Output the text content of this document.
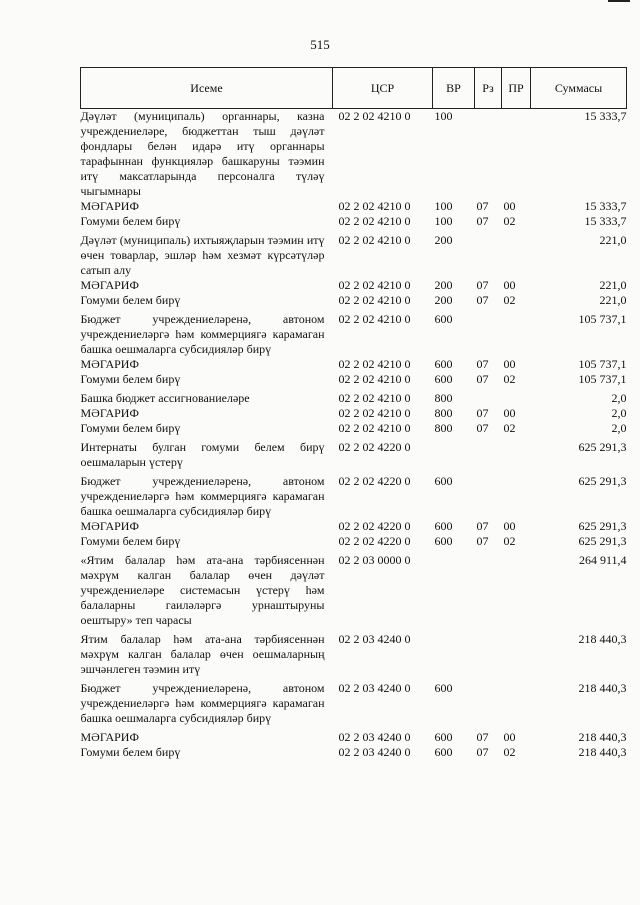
515
Исеме	ЦСР	ВР	Рз	ПР	Суммасы
Дәүләт (муниципаль) органнары, казна учреждениеләре, бюджеттан тыш дәүләт фондлары белән идарә итү органнары тарафыннан функцияләр башкаруны тәэмин итү максатларында персоналга түләү чыгымнары	02 2 02 4210 0	100			15 333,7
МӘГАРИФ	02 2 02 4210 0	100	07	00	15 333,7
Гомуми белем бирү	02 2 02 4210 0	100	07	02	15 333,7
Дәүләт (муниципаль) ихтыяҗларын тәэмин итү өчен товарлар, эшләр һәм хезмәт күрсәтүләр сатып алу	02 2 02 4210 0	200			221,0
МӘГАРИФ	02 2 02 4210 0	200	07	00	221,0
Гомуми белем бирү	02 2 02 4210 0	200	07	02	221,0
Бюджет учреждениеләренә, автоном учреждениеләргә һәм коммерциягә карамаган башка оешмаларга субсидияләр бирү	02 2 02 4210 0	600			105 737,1
МӘГАРИФ	02 2 02 4210 0	600	07	00	105 737,1
Гомуми белем бирү	02 2 02 4210 0	600	07	02	105 737,1
Башка бюджет ассигнованиеләре	02 2 02 4210 0	800			2,0
МӘГАРИФ	02 2 02 4210 0	800	07	00	2,0
Гомуми белем бирү	02 2 02 4210 0	800	07	02	2,0
Интернаты булган гомуми белем бирү оешмаларын үстерү	02 2 02 4220 0				625 291,3
Бюджет учреждениеләренә, автоном учреждениеләргә һәм коммерциягә карамаган башка оешмаларга субсидияләр бирү	02 2 02 4220 0	600			625 291,3
МӘГАРИФ	02 2 02 4220 0	600	07	00	625 291,3
Гомуми белем бирү	02 2 02 4220 0	600	07	02	625 291,3
«Ятим балалар һәм ата-ана тәрбиясеннән мәхрүм калган балалар өчен дәүләт учреждениеләре системасын үстерү һәм балаларны гаиләләргә урнаштыруны оештыру» теп чарасы	02 2 03 0000 0				264 911,4
Ятим балалар һәм ата-ана тәрбиясеннән мәхрүм калган балалар өчен оешмаларның эшчәнлеген тәэмин итү	02 2 03 4240 0				218 440,3
Бюджет учреждениеләренә, автоном учреждениеләргә һәм коммерциягә карамаган башка оешмаларга субсидияләр бирү	02 2 03 4240 0	600			218 440,3
МӘГАРИФ	02 2 03 4240 0	600	07	00	218 440,3
Гомуми белем бирү	02 2 03 4240 0	600	07	02	218 440,3
